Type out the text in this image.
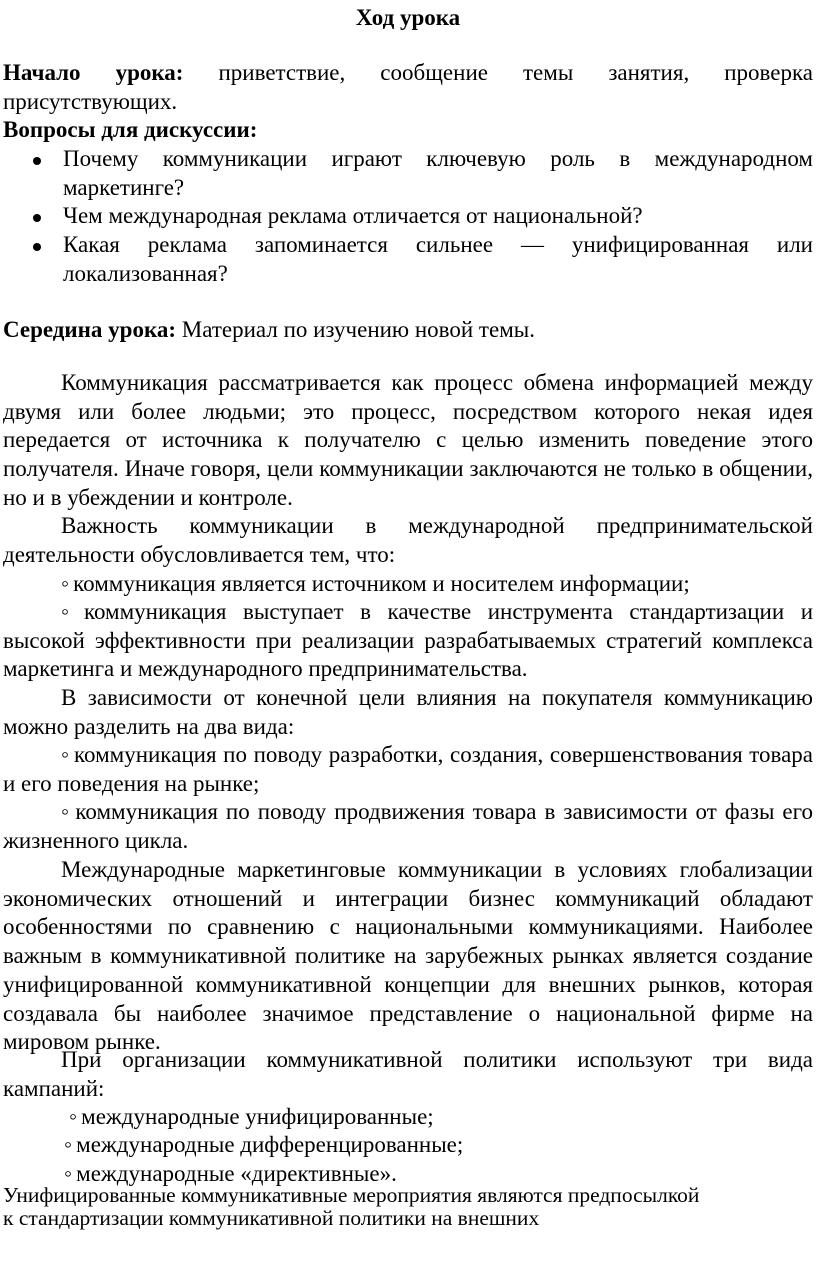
Ход урока

Начало урока: приветствие, сообщение темы занятия, проверка присутствующих.

Вопросы для дискуссии:

Почему коммуникации играют ключевую роль в международном маркетинге?
Чем международная реклама отличается от национальной?
Какая реклама запоминается сильнее — унифицированная или локализованная?

Середина урока: Материал по изучению новой темы.

Коммуникация рассматривается как процесс обмена информацией между двумя или более людьми; это процесс, посредством которого некая идея передается от источника к получателю с целью изменить поведение этого получателя. Иначе говоря, цели коммуникации заключаются не только в общении, но и в убеждении и контроле.

Важность коммуникации в международной предпринимательской деятельности обусловливается тем, что:

◦ коммуникация является источником и носителем информации;

◦ коммуникация выступает в качестве инструмента стандартизации и высокой эффективности при реализации разрабатываемых стратегий комплекса маркетинга и международного предпринимательства.

В зависимости от конечной цели влияния на покупателя коммуникацию можно разделить на два вида:

◦ коммуникация по поводу разработки, создания, совершенствования товара и его поведения на рынке;

◦ коммуникация по поводу продвижения товара в зависимости от фазы его жизненного цикла.

Международные маркетинговые коммуникации в условиях глобализации экономических отношений и интеграции бизнес коммуникаций обладают особенностями по сравнению с национальными коммуникациями. Наиболее важным в коммуникативной политике на зарубежных рынках является создание унифицированной коммуникативной концепции для внешних рынков, которая создавала бы наиболее значимое представление о национальной фирме на мировом рынке.

При организации коммуникативной политики используют три вида кампаний:

◦ международные унифицированные;

◦ международные дифференцированные;

◦ международные «директивные».

Унифицированные коммуникативные мероприятия являются предпосылкой

к стандартизации коммуникативной политики на внешних
